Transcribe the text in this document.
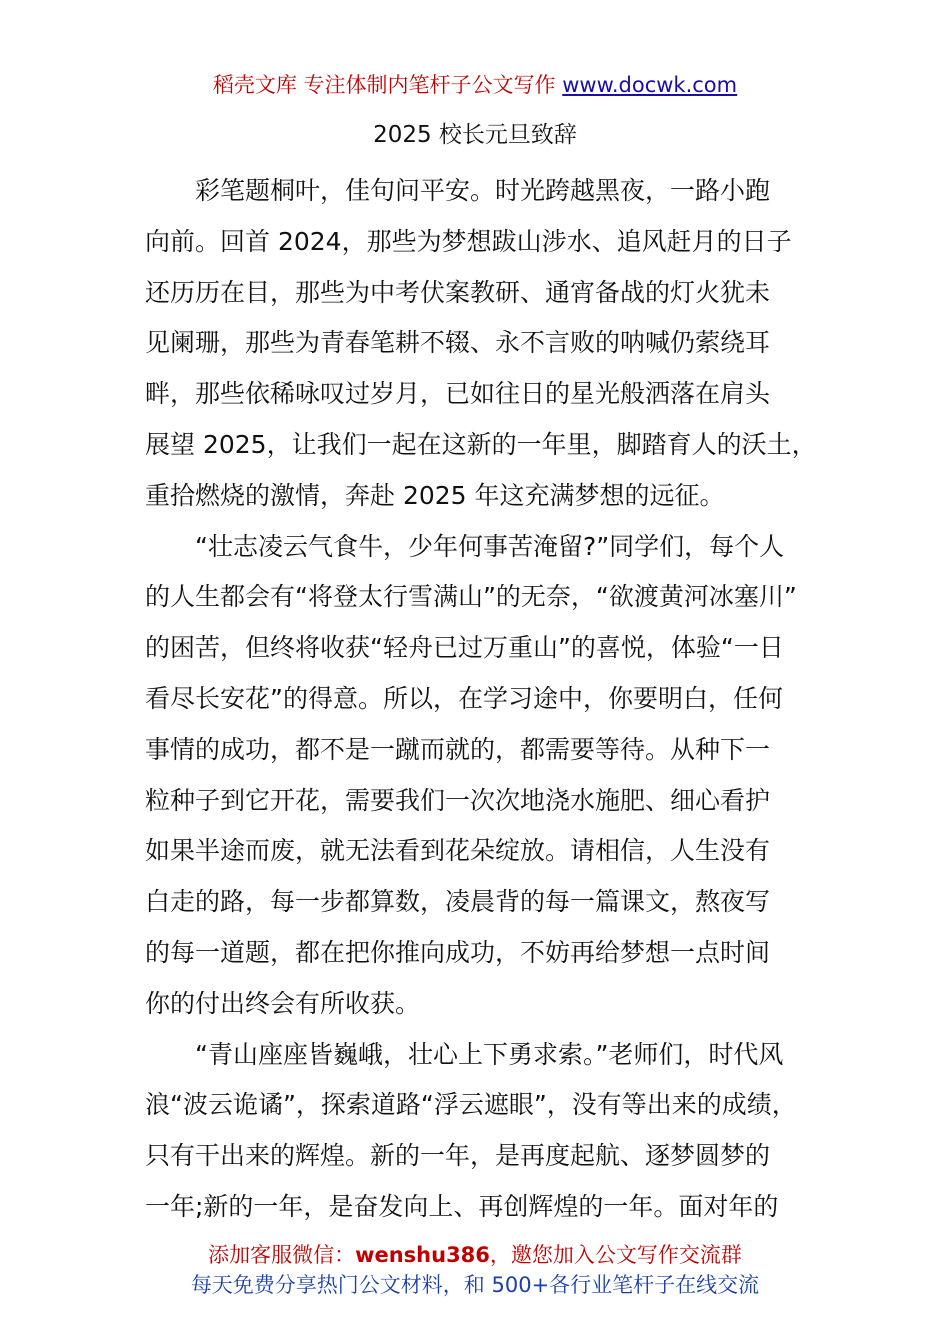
稻壳文库 专注体制内笔杆子公文写作 www.docwk.com
2025 校长元旦致辞
彩笔题桐叶，佳句问平安。时光跨越黑夜，一路小跑
向前。回首 2024，那些为梦想跋山涉水、追风赶月的日子
还历历在目，那些为中考伏案教研、通宵备战的灯火犹未
见阑珊，那些为青春笔耕不辍、永不言败的呐喊仍萦绕耳
畔，那些依稀咏叹过岁月，已如往日的星光般洒落在肩头
展望 2025，让我们一起在这新的一年里，脚踏育人的沃土，
重拾燃烧的激情，奔赴 2025 年这充满梦想的远征。
“壮志凌云气食牛，少年何事苦淹留?”同学们，每个人
的人生都会有“将登太行雪满山”的无奈，“欲渡黄河冰塞川”
的困苦，但终将收获“轻舟已过万重山”的喜悦，体验“一日
看尽长安花”的得意。所以，在学习途中，你要明白，任何
事情的成功，都不是一蹴而就的，都需要等待。从种下一
粒种子到它开花，需要我们一次次地浇水施肥、细心看护
如果半途而废，就无法看到花朵绽放。请相信，人生没有
白走的路，每一步都算数，凌晨背的每一篇课文，熬夜写
的每一道题，都在把你推向成功，不妨再给梦想一点时间
你的付出终会有所收获。
“青山座座皆巍峨，壮心上下勇求索。”老师们，时代风
浪“波云诡谲”，探索道路“浮云遮眼”，没有等出来的成绩，
只有干出来的辉煌。新的一年，是再度起航、逐梦圆梦的
一年;新的一年，是奋发向上、再创辉煌的一年。面对年的
添加客服微信：wenshu386，邀您加入公文写作交流群
每天免费分享热门公文材料，和 500+各行业笔杆子在线交流
